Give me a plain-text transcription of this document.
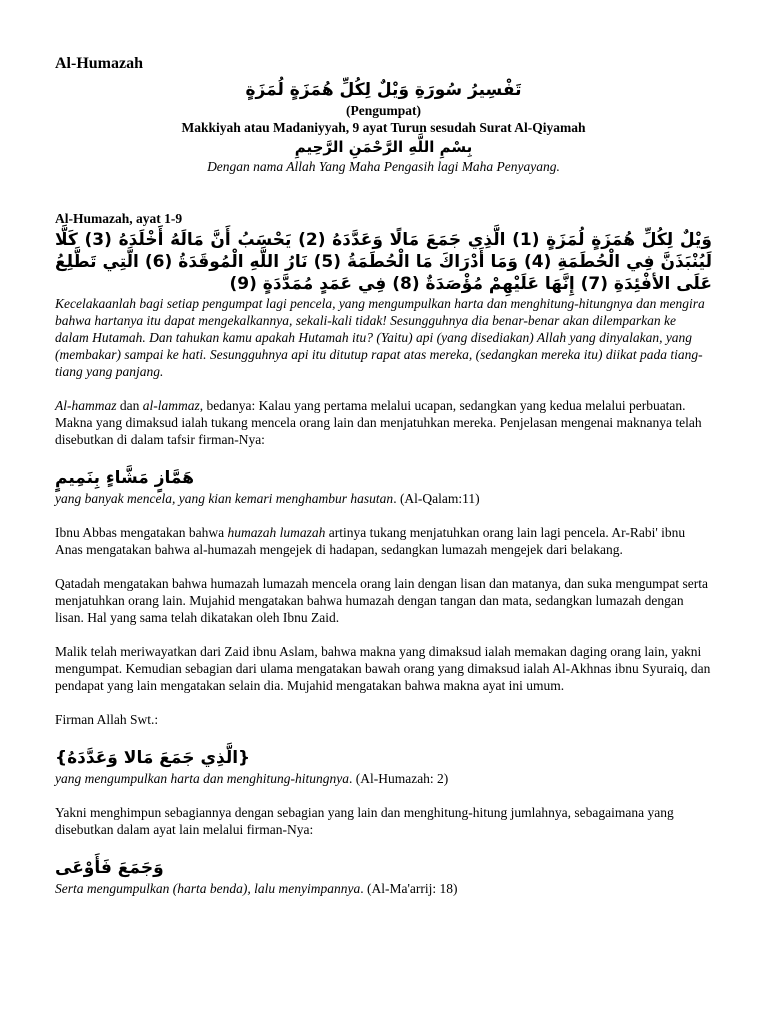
Al-Humazah
تَفْسِيرُ سُورَةِ وَيْلٌ لِكُلِّ هُمَزَةٍ لُمَزَةٍ
(Pengumpat)
Makkiyah atau Madaniyyah, 9 ayat Turun sesudah Surat Al-Qiyamah
بِسْمِ اللَّهِ الرَّحْمَنِ الرَّحِيمِ
Dengan nama Allah Yang Maha Pengasih lagi Maha Penyayang.
Al-Humazah, ayat 1-9
وَيْلٌ لِكُلِّ هُمَزَةٍ لُمَزَةٍ (1) الَّذِي جَمَعَ مَالًا وَعَدَّدَهُ (2) يَحْسَبُ أَنَّ مَالَهُ أَخْلَدَهُ (3) كَلَّا لَيُنْبَذَنَّ فِي الْحُطَمَةِ (4) وَمَا أَدْرَاكَ مَا الْحُطَمَةُ (5) نَارُ اللَّهِ الْمُوقَدَةُ (6) الَّتِي تَطَّلِعُ عَلَى الأفْئِدَةِ (7) إِنَّهَا عَلَيْهِمْ مُؤْصَدَةٌ (8) فِي عَمَدٍ مُمَدَّدَةٍ (9)

Kecelakaanlah bagi setiap pengumpat lagi pencela, yang mengumpulkan harta dan menghitung-hitungnya dan mengira bahwa hartanya itu dapat mengekalkannya, sekali-kali tidak! Sesungguhnya dia benar-benar akan dilemparkan ke dalam Hutamah. Dan tahukan kamu apakah Hutamah itu? (Yaitu) api (yang disediakan) Allah yang dinyalakan, yang (membakar) sampai ke hati. Sesungguhnya api itu ditutup rapat atas mereka, (sedangkan mereka itu) diikat pada tiang-tiang yang panjang.

Al-hammaz dan al-lammaz, bedanya: Kalau yang pertama melalui ucapan, sedangkan yang kedua melalui perbuatan. Makna yang dimaksud ialah tukang mencela orang lain dan menjatuhkan mereka. Penjelasan mengenai maknanya telah disebutkan di dalam tafsir firman-Nya:

هَمَّازٍ مَشَّاءٍ بِنَمِيمٍ

yang banyak mencela, yang kian kemari menghambur hasutan. (Al-Qalam:11)

Ibnu Abbas mengatakan bahwa humazah lumazah artinya tukang menjatuhkan orang lain lagi pencela. Ar-Rabi' ibnu Anas mengatakan bahwa al-humazah mengejek di hadapan, sedangkan lumazah mengejek dari belakang.

Qatadah mengatakan bahwa humazah lumazah mencela orang lain dengan lisan dan matanya, dan suka mengumpat serta menjatuhkan orang lain. Mujahid mengatakan bahwa humazah dengan tangan dan mata, sedangkan lumazah dengan lisan. Hal yang sama telah dikatakan oleh Ibnu Zaid.

Malik telah meriwayatkan dari Zaid ibnu Aslam, bahwa makna yang dimaksud ialah memakan daging orang lain, yakni mengumpat. Kemudian sebagian dari ulama mengatakan bawah orang yang dimaksud ialah Al-Akhnas ibnu Syuraiq, dan pendapat yang lain mengatakan selain dia. Mujahid mengatakan bahwa makna ayat ini umum.

Firman Allah Swt.:

{الَّذِي جَمَعَ مَالا وَعَدَّدَهُ}

yang mengumpulkan harta dan menghitung-hitungnya. (Al-Humazah: 2)

Yakni menghimpun sebagiannya dengan sebagian yang lain dan menghitung-hitung jumlahnya, sebagaimana yang disebutkan dalam ayat lain melalui firman-Nya:

وَجَمَعَ فَأَوْعَى

Serta mengumpulkan (harta benda), lalu menyimpannya. (Al-Ma'arrij: 18)
